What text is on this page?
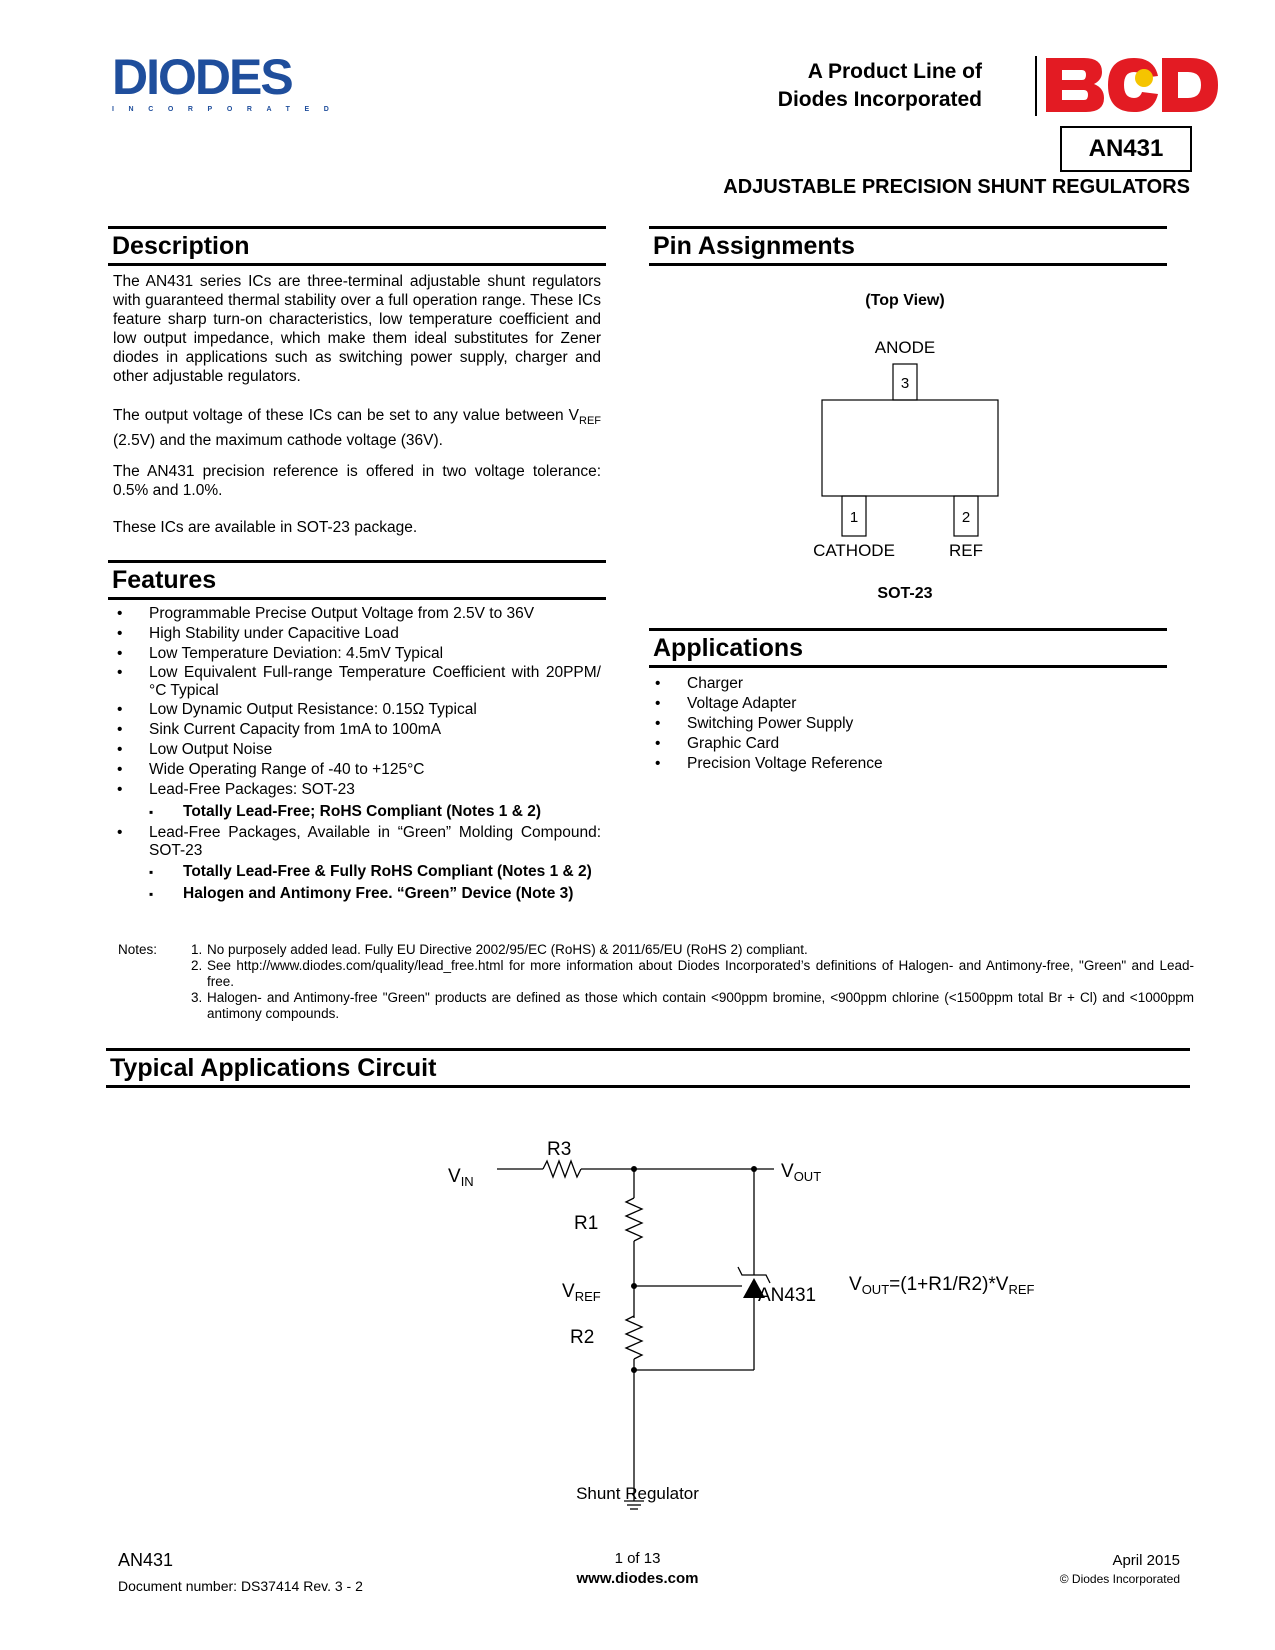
DIODES
INCORPORATED
A Product Line of
Diodes Incorporated
AN431
ADJUSTABLE PRECISION SHUNT REGULATORS
Description
The AN431 series ICs are three-terminal adjustable shunt regulators with guaranteed thermal stability over a full operation range. These ICs feature sharp turn-on characteristics, low temperature coefficient and low output impedance, which make them ideal substitutes for Zener diodes in applications such as switching power supply, charger and other adjustable regulators.
The output voltage of these ICs can be set to any value between $V_{REF}$ (2.5V) and the maximum cathode voltage (36V).
The AN431 precision reference is offered in two voltage tolerance: 0.5% and 1.0%.
These ICs are available in SOT-23 package.
Features
• Programmable Precise Output Voltage from 2.5V to 36V
• High Stability under Capacitive Load
• Low Temperature Deviation: 4.5mV Typical
• Low Equivalent Full-range Temperature Coefficient with 20PPM/°C Typical
• Low Dynamic Output Resistance: 0.15Ω Typical
• Sink Current Capacity from 1mA to 100mA
• Low Output Noise
• Wide Operating Range of -40 to +125°C
• Lead-Free Packages: SOT-23
▪ Totally Lead-Free; RoHS Compliant (Notes 1 & 2)
• Lead-Free Packages, Available in “Green” Molding Compound: SOT-23
▪ Totally Lead-Free & Fully RoHS Compliant (Notes 1 & 2)
▪ Halogen and Antimony Free. “Green” Device (Note 3)
Pin Assignments
(Top View)
ANODE
3
1	2
CATHODE	REF
SOT-23
Applications
• Charger
• Voltage Adapter
• Switching Power Supply
• Graphic Card
• Precision Voltage Reference
Notes:	1. No purposely added lead. Fully EU Directive 2002/95/EC (RoHS) & 2011/65/EU (RoHS 2) compliant.
2. See http://www.diodes.com/quality/lead_free.html for more information about Diodes Incorporated’s definitions of Halogen- and Antimony-free, "Green" and Lead-free.
3. Halogen- and Antimony-free "Green" products are defined as those which contain <900ppm bromine, <900ppm chlorine (<1500ppm total Br + Cl) and <1000ppm antimony compounds.
Typical Applications Circuit
$V_{IN}$
R3
$V_{OUT}$
R1
$V_{REF}$
R2
AN431
$V_{OUT}=(1+R1/R2)*V_{REF}$
Shunt Regulator
AN431
Document number: DS37414 Rev. 3 - 2
1 of 13
www.diodes.com
April 2015
© Diodes Incorporated
